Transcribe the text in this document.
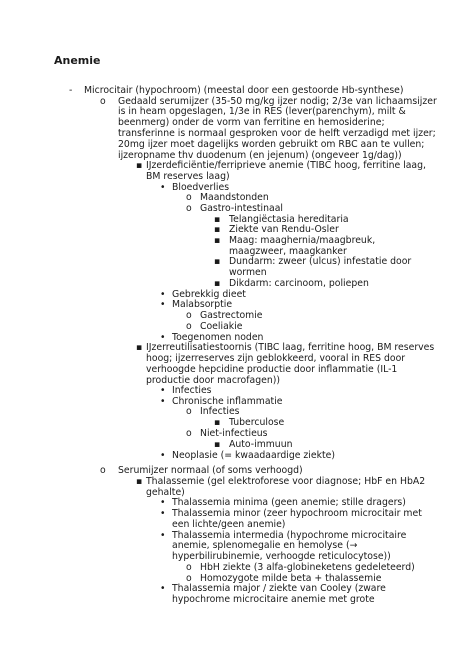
Anemie
- Microcitair (hypochroom) (meestal door een gestoorde Hb-synthese)
o Gedaald serumijzer (35-50 mg/kg ijzer nodig; 2/3e van lichaamsijzer
is in heam opgeslagen, 1/3e in RES (lever(parenchym), milt &
beenmerg) onder de vorm van ferritine en hemosiderine;
transferinne is normaal gesproken voor de helft verzadigd met ijzer;
20mg ijzer moet dagelijks worden gebruikt om RBC aan te vullen;
ijzeropname thv duodenum (en jejenum) (ongeveer 1g/dag))
▪ IJzerdeficiëntie/ferriprieve anemie (TIBC hoog, ferritine laag,
BM reserves laag)
• Bloedverlies
o Maandstonden
o Gastro-intestinaal
▪ Telangiëctasia hereditaria
▪ Ziekte van Rendu-Osler
▪ Maag: maaghernia/maagbreuk,
maagzweer, maagkanker
▪ Dundarm: zweer (ulcus) infestatie door
wormen
▪ Dikdarm: carcinoom, poliepen
• Gebrekkig dieet
• Malabsorptie
o Gastrectomie
o Coeliakie
• Toegenomen noden
▪ IJzerreutilisatiestoornis (TIBC laag, ferritine hoog, BM reserves
hoog; ijzerreserves zijn geblokkeerd, vooral in RES door
verhoogde hepcidine productie door inflammatie (IL-1
productie door macrofagen))
• Infecties
• Chronische inflammatie
o Infecties
▪ Tuberculose
o Niet-infectieus
▪ Auto-immuun
• Neoplasie (= kwaadaardige ziekte)
o Serumijzer normaal (of soms verhoogd)
▪ Thalassemie (gel elektroforese voor diagnose; HbF en HbA2
gehalte)
• Thalassemia minima (geen anemie; stille dragers)
• Thalassemia minor (zeer hypochroom microcitair met
een lichte/geen anemie)
• Thalassemia intermedia (hypochrome microcitaire
anemie, splenomegalie en hemolyse (→
hyperbilirubinemie, verhoogde reticulocytose))
o HbH ziekte (3 alfa-globineketens gedeleteerd)
o Homozygote milde beta + thalassemie
• Thalassemia major / ziekte van Cooley (zware
hypochrome microcitaire anemie met grote
